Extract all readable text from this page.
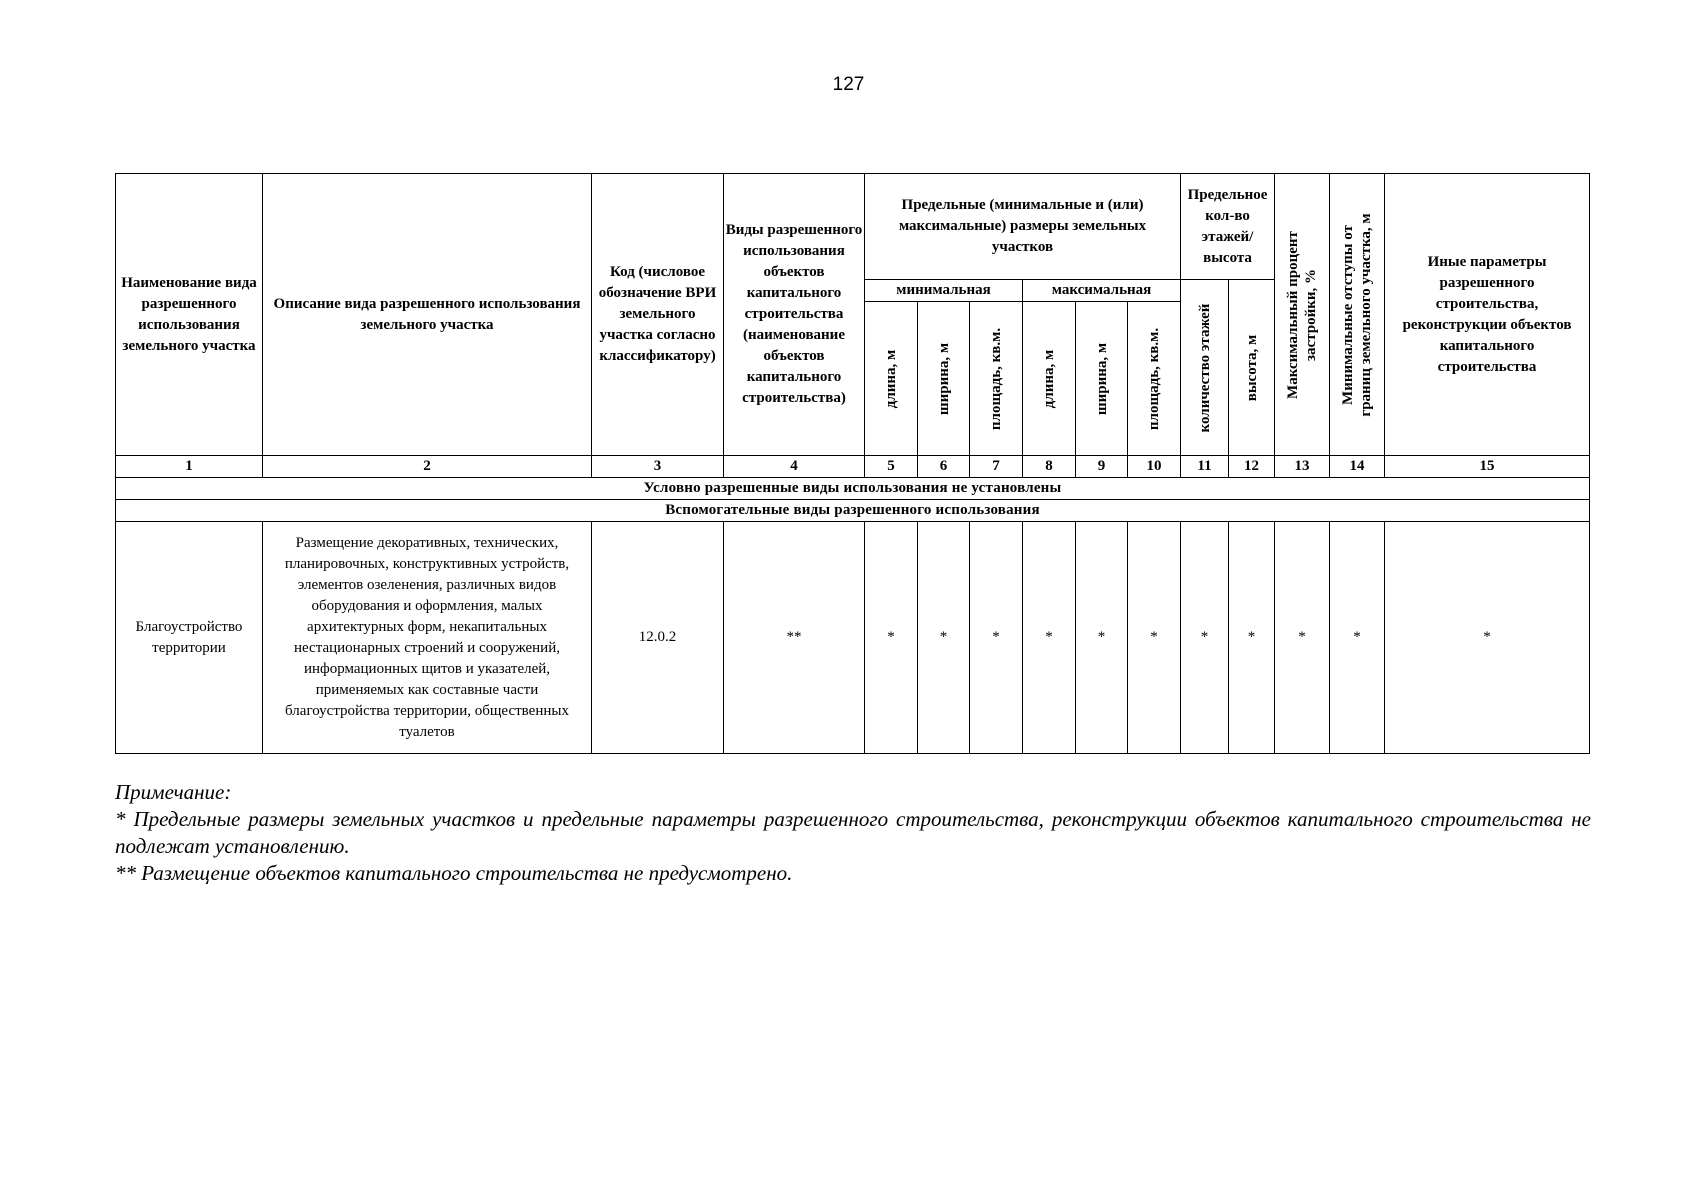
127
Наименование вида разрешенного использования земельного участка	Описание вида разрешенного использования земельного участка	Код (числовое обозначение ВРИ земельного участка согласно классификатору)	Виды разрешенного использования объектов капитального строительства (наименование объектов капитального строительства)	Предельные (минимальные и (или) максимальные) размеры земельных участков						Предельное кол-во этажей/ высота		Максимальный процент застройки, %	Минимальные отступы от границ земельного участка, м	Иные параметры разрешенного строительства, реконструкции объектов капитального строительства
				минимальная			максимальная			количество этажей	высота, м			

				длина, м	ширина, м	площадь, кв.м.	длина, м	ширина, м	площадь, кв.м.					

1	2	3	4	5	6	7	8	9	10	11	12	13	14	15
Условно разрешенные виды использования не установлены														
Вспомогательные виды разрешенного использования														
Благоустройство территории	Размещение декоративных, технических, планировочных, конструктивных устройств, элементов озеленения, различных видов оборудования и оформления, малых архитектурных форм, некапитальных нестационарных строений и сооружений, информационных щитов и указателей, применяемых как составные части благоустройства территории, общественных туалетов	12.0.2	**	*	*	*	*	*	*	*	*	*	*	*
Примечание:
* Предельные размеры земельных участков и предельные параметры разрешенного строительства, реконструкции объектов капитального строительства не подлежат установлению.
** Размещение объектов капитального строительства не предусмотрено.
